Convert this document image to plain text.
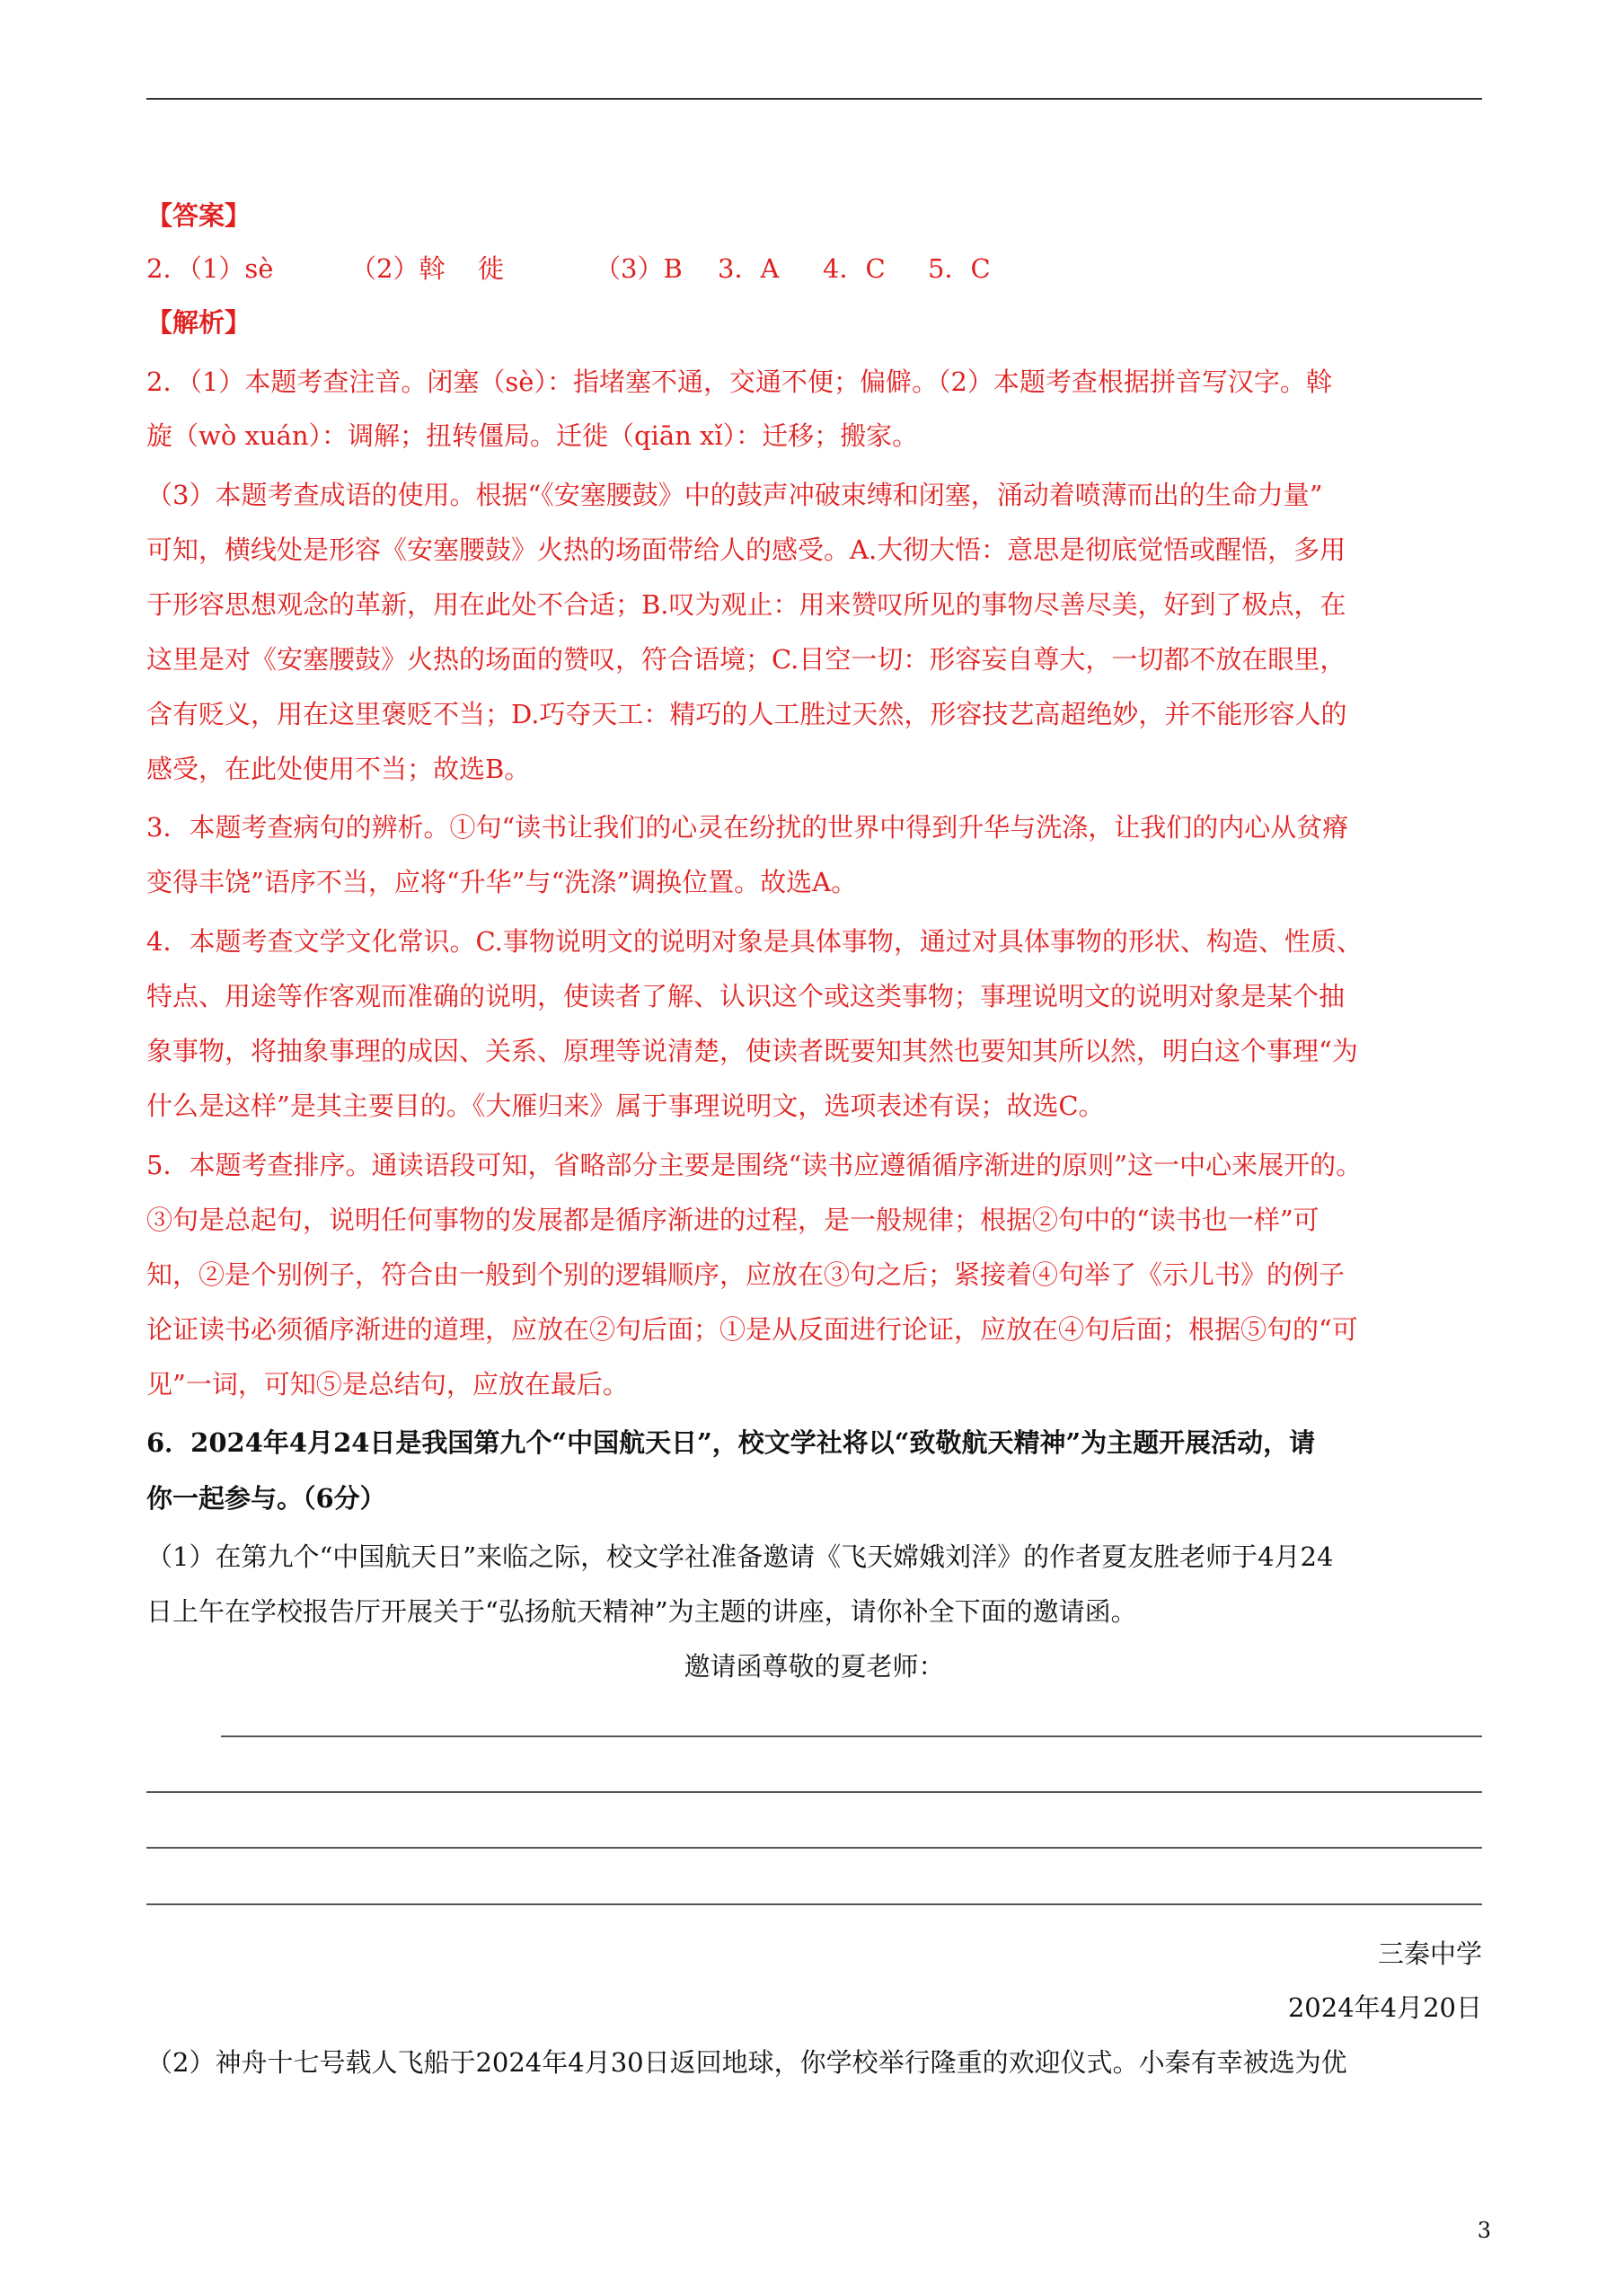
【答案】
2．（1）sè	（2）斡 徙	（3）B 3．A 4．C 5．C
【解析】
2．（1）本题考查注音。闭塞（sè）：指堵塞不通，交通不便；偏僻。（2）本题考查根据拼音写汉字。斡
旋（wò xuán）：调解；扭转僵局。迁徙（qiān xǐ）：迁移；搬家。
（3）本题考查成语的使用。根据“《安塞腰鼓》中的鼓声冲破束缚和闭塞，涌动着喷薄而出的生命力量”
可知，横线处是形容《安塞腰鼓》火热的场面带给人的感受。A.大彻大悟：意思是彻底觉悟或醒悟，多用
于形容思想观念的革新，用在此处不合适；B.叹为观止：用来赞叹所见的事物尽善尽美，好到了极点，在
这里是对《安塞腰鼓》火热的场面的赞叹，符合语境；C.目空一切：形容妄自尊大，一切都不放在眼里，
含有贬义，用在这里褒贬不当；D.巧夺天工：精巧的人工胜过天然，形容技艺高超绝妙，并不能形容人的
感受，在此处使用不当；故选B。
3．本题考查病句的辨析。①句“读书让我们的心灵在纷扰的世界中得到升华与洗涤，让我们的内心从贫瘠
变得丰饶”语序不当，应将“升华”与“洗涤”调换位置。故选A。
4．本题考查文学文化常识。C.事物说明文的说明对象是具体事物，通过对具体事物的形状、构造、性质、
特点、用途等作客观而准确的说明，使读者了解、认识这个或这类事物；事理说明文的说明对象是某个抽
象事物，将抽象事理的成因、关系、原理等说清楚，使读者既要知其然也要知其所以然，明白这个事理“为
什么是这样”是其主要目的。《大雁归来》属于事理说明文，选项表述有误；故选C。
5．本题考查排序。通读语段可知，省略部分主要是围绕“读书应遵循循序渐进的原则”这一中心来展开的。
③句是总起句，说明任何事物的发展都是循序渐进的过程，是一般规律；根据②句中的“读书也一样”可
知，②是个别例子，符合由一般到个别的逻辑顺序，应放在③句之后；紧接着④句举了《示儿书》的例子
论证读书必须循序渐进的道理，应放在②句后面；①是从反面进行论证，应放在④句后面；根据⑤句的“可
见”一词，可知⑤是总结句，应放在最后。
6．2024年4月24日是我国第九个“中国航天日”，校文学社将以“致敬航天精神”为主题开展活动，请
你一起参与。（6分）
（1）在第九个“中国航天日”来临之际，校文学社准备邀请《飞天嫦娥刘洋》的作者夏友胜老师于4月24
日上午在学校报告厅开展关于“弘扬航天精神”为主题的讲座，请你补全下面的邀请函。
邀请函尊敬的夏老师：
三秦中学
2024年4月20日
（2）神舟十七号载人飞船于2024年4月30日返回地球，你学校举行隆重的欢迎仪式。小秦有幸被选为优
3
